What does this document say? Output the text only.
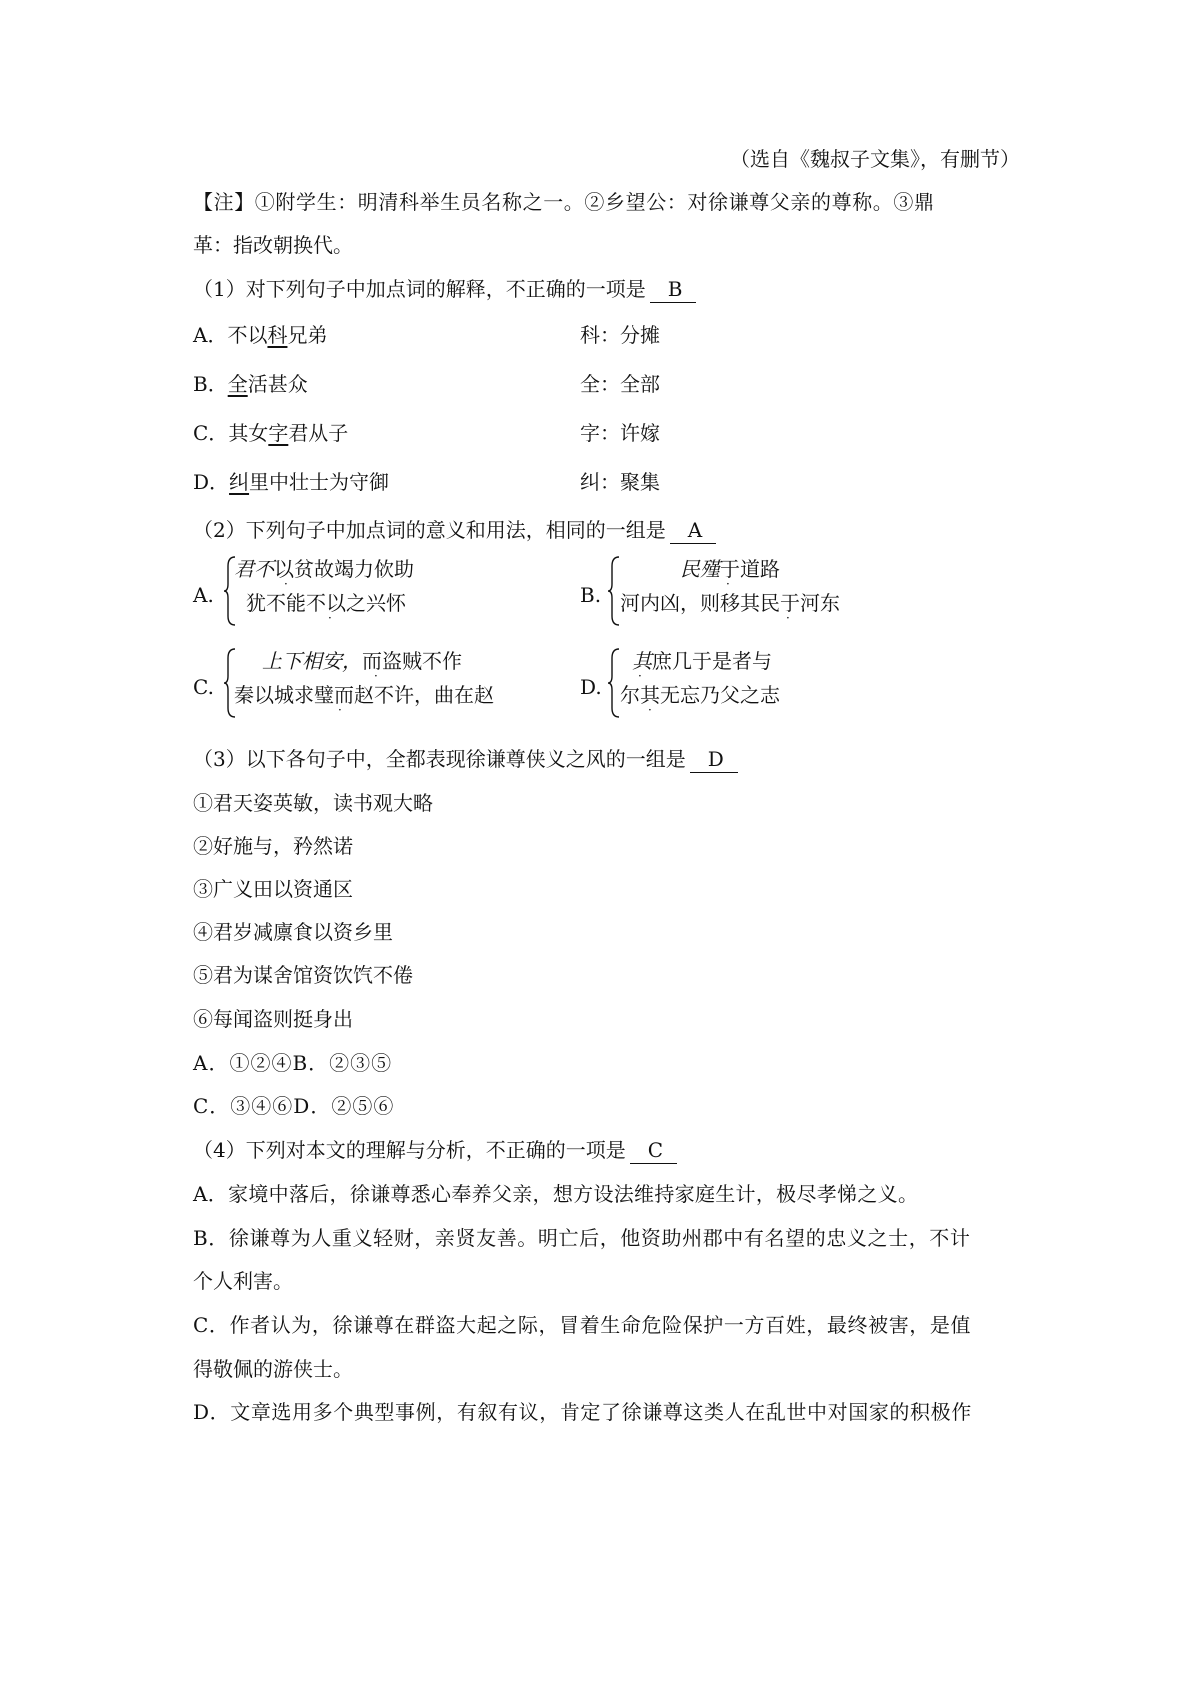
（选自《魏叔子文集》，有删节）
【注】①附学生：明清科举生员名称之一。②乡望公：对徐谦尊父亲的尊称。③鼎
革：指改朝换代。
（1）对下列句子中加点词的解释，不正确的一项是 B
A．不以科兄弟	科：分摊
B．全活甚众	全：全部
C．其女字君从子	字：许嫁
D．纠里中壮士为守御	纠：聚集
（2）下列句子中加点词的意义和用法，相同的一组是 A
A.
君不以贫故竭力佽助
犹不能不以之兴怀
·
·
B.
民殣于道路
河内凶，则移其民于河东
·
·
C.
上下相安，而盗贼不作
秦以城求璧而赵不许，曲在赵
·
·
D.
其庶几于是者与
尔其无忘乃父之志
·
·
（3）以下各句子中，全都表现徐谦尊侠义之风的一组是 D
①君天姿英敏，读书观大略
②好施与，矜然诺
③广义田以资通区
④君岁减廪食以资乡里
⑤君为谋舍馆资饮饩不倦
⑥每闻盗则挺身出
A．①②④B．②③⑤
C．③④⑥D．②⑤⑥
（4）下列对本文的理解与分析，不正确的一项是 C
A．家境中落后，徐谦尊悉心奉养父亲，想方设法维持家庭生计，极尽孝悌之义。
B．徐谦尊为人重义轻财，亲贤友善。明亡后，他资助州郡中有名望的忠义之士，不计
个人利害。
C．作者认为，徐谦尊在群盗大起之际，冒着生命危险保护一方百姓，最终被害，是值
得敬佩的游侠士。
D．文章选用多个典型事例，有叙有议，肯定了徐谦尊这类人在乱世中对国家的积极作
